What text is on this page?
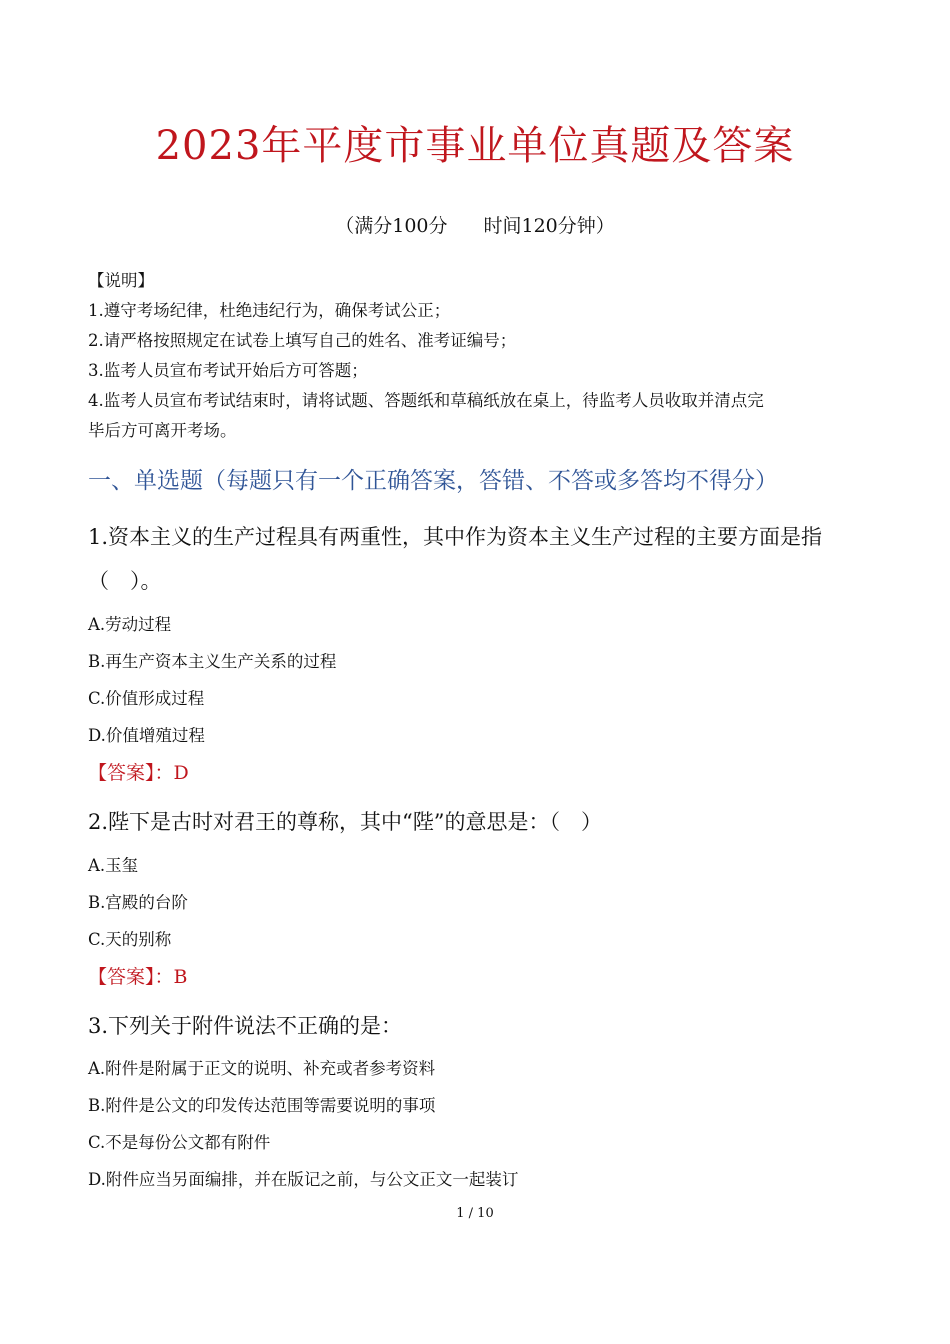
2023年平度市事业单位真题及答案
（满分100分 时间120分钟）
【说明】
1.遵守考场纪律，杜绝违纪行为，确保考试公正；
2.请严格按照规定在试卷上填写自己的姓名、准考证编号；
3.监考人员宣布考试开始后方可答题；
4.监考人员宣布考试结束时，请将试题、答题纸和草稿纸放在桌上，待监考人员收取并清点完
毕后方可离开考场。
一、单选题（每题只有一个正确答案，答错、不答或多答均不得分）
1.资本主义的生产过程具有两重性，其中作为资本主义生产过程的主要方面是指
（　）。
A.劳动过程
B.再生产资本主义生产关系的过程
C.价值形成过程
D.价值增殖过程
【答案】：D
2.陛下是古时对君王的尊称，其中“陛”的意思是：（　）
A.玉玺
B.宫殿的台阶
C.天的别称
【答案】：B
3.下列关于附件说法不正确的是：
A.附件是附属于正文的说明、补充或者参考资料
B.附件是公文的印发传达范围等需要说明的事项
C.不是每份公文都有附件
D.附件应当另面编排，并在版记之前，与公文正文一起装订
1 / 10
